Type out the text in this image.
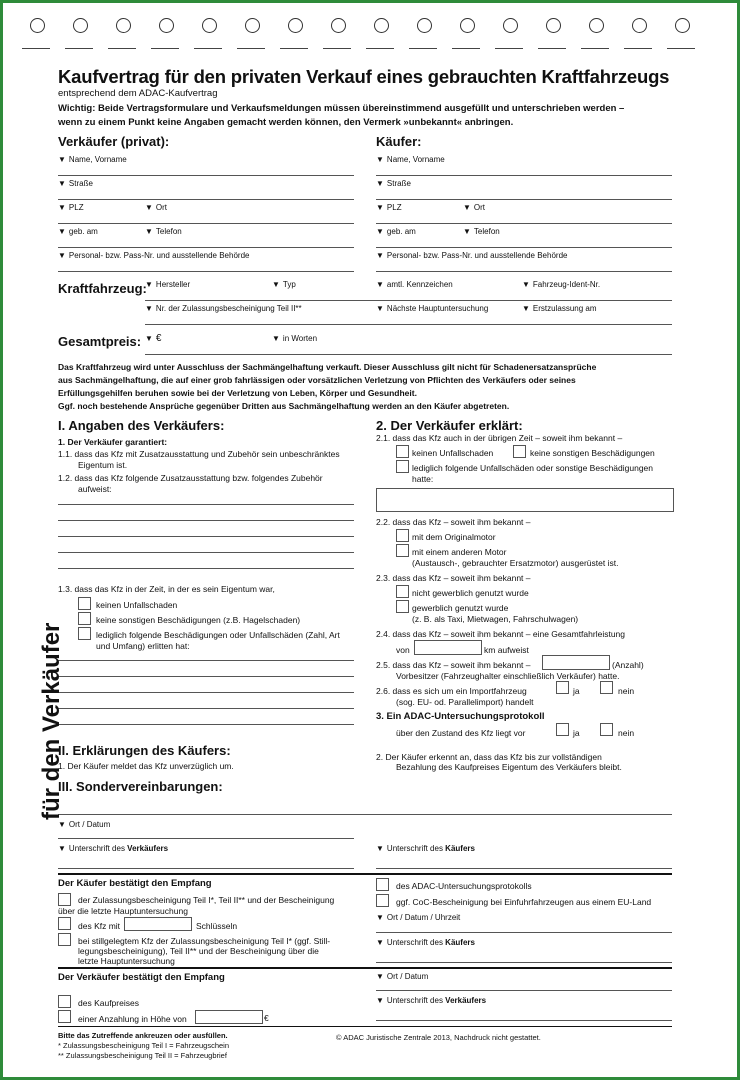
Kaufvertrag für den privaten Verkauf eines gebrauchten Kraftfahrzeugs
entsprechend dem ADAC-Kaufvertrag
Wichtig: Beide Vertragsformulare und Verkaufsmeldungen müssen übereinstimmend ausgefüllt und unterschrieben werden –
wenn zu einem Punkt keine Angaben gemacht werden können, den Vermerk »unbekannt« anbringen.
Verkäufer (privat):	Käufer:
▼ Name, Vorname
▼ Straße
▼ PLZ	▼ Ort
▼ geb. am	▼ Telefon
▼ Personal- bzw. Pass-Nr. und ausstellende Behörde
▼ Name, Vorname
▼ Straße
▼ PLZ	▼ Ort
▼ geb. am	▼ Telefon
▼ Personal- bzw. Pass-Nr. und ausstellende Behörde
Kraftfahrzeug:	▼ Hersteller	▼ Typ	▼ amtl. Kennzeichen	▼ Fahrzeug-Ident-Nr.
▼ Nr. der Zulassungsbescheinigung Teil II**	▼ Nächste Hauptuntersuchung	▼ Erstzulassung am
Gesamtpreis:	▼ €	▼ in Worten
Das Kraftfahrzeug wird unter Ausschluss der Sachmängelhaftung verkauft. Dieser Ausschluss gilt nicht für Schadenersatzansprüche
aus Sachmängelhaftung, die auf einer grob fahrlässigen oder vorsätzlichen Verletzung von Pflichten des Verkäufers oder seines
Erfüllungsgehilfen beruhen sowie bei der Verletzung von Leben, Körper und Gesundheit.
Ggf. noch bestehende Ansprüche gegenüber Dritten aus Sachmängelhaftung werden an den Käufer abgetreten.
I. Angaben des Verkäufers:
1. Der Verkäufer garantiert:
1.1. dass das Kfz mit Zusatzausstattung und Zubehör sein unbeschränktes
Eigentum ist.
1.2. dass das Kfz folgende Zusatzausstattung bzw. folgendes Zubehör
aufweist:
1.3. dass das Kfz in der Zeit, in der es sein Eigentum war,
keinen Unfallschaden
keine sonstigen Beschädigungen (z.B. Hagelschaden)
lediglich folgende Beschädigungen oder Unfallschäden (Zahl, Art
und Umfang) erlitten hat:
2. Der Verkäufer erklärt:
2.1. dass das Kfz auch in der übrigen Zeit – soweit ihm bekannt –
keinen Unfallschaden	keine sonstigen Beschädigungen
lediglich folgende Unfallschäden oder sonstige Beschädigungen
hatte:
2.2. dass das Kfz – soweit ihm bekannt –
mit dem Originalmotor
mit einem anderen Motor
(Austausch-, gebrauchter Ersatzmotor) ausgerüstet ist.
2.3. dass das Kfz – soweit ihm bekannt –
nicht gewerblich genutzt wurde
gewerblich genutzt wurde
(z. B. als Taxi, Mietwagen, Fahrschulwagen)
2.4. dass das Kfz – soweit ihm bekannt – eine Gesamtfahrleistung
von	km aufweist
2.5. dass das Kfz – soweit ihm bekannt –	(Anzahl)
Vorbesitzer (Fahrzeughalter einschließlich Verkäufer) hatte.
2.6. dass es sich um ein Importfahrzeug
(sog. EU- od. Parallelimport) handelt
ja	nein
3. Ein ADAC-Untersuchungsprotokoll
über den Zustand des Kfz liegt vor	ja	nein
II. Erklärungen des Käufers:
1. Der Käufer meldet das Kfz unverzüglich um.
2. Der Käufer erkennt an, dass das Kfz bis zur vollständigen
Bezahlung des Kaufpreises Eigentum des Verkäufers bleibt.
III. Sondervereinbarungen:
▼ Ort / Datum
▼ Unterschrift des Verkäufers	▼ Unterschrift des Käufers
Der Käufer bestätigt den Empfang
der Zulassungsbescheinigung Teil I*, Teil II** und der Bescheinigung
über die letzte Hauptuntersuchung
des Kfz mit	Schlüsseln
bei stillgelegtem Kfz der Zulassungsbescheinigung Teil I* (ggf. Still-
legungsbescheinigung), Teil II** und der Bescheinigung über die
letzte Hauptuntersuchung
des ADAC-Untersuchungsprotokolls
ggf. CoC-Bescheinigung bei Einfuhrfahrzeugen aus einem EU-Land
▼ Ort / Datum / Uhrzeit
▼ Unterschrift des Käufers
Der Verkäufer bestätigt den Empfang	▼ Ort / Datum
des Kaufpreises	▼ Unterschrift des Verkäufers
einer Anzahlung in Höhe von	€
Bitte das Zutreffende ankreuzen oder ausfüllen.
* Zulassungsbescheinigung Teil I = Fahrzeugschein
** Zulassungsbescheinigung Teil II = Fahrzeugbrief
© ADAC Juristische Zentrale 2013, Nachdruck nicht gestattet.
für den Verkäufer
